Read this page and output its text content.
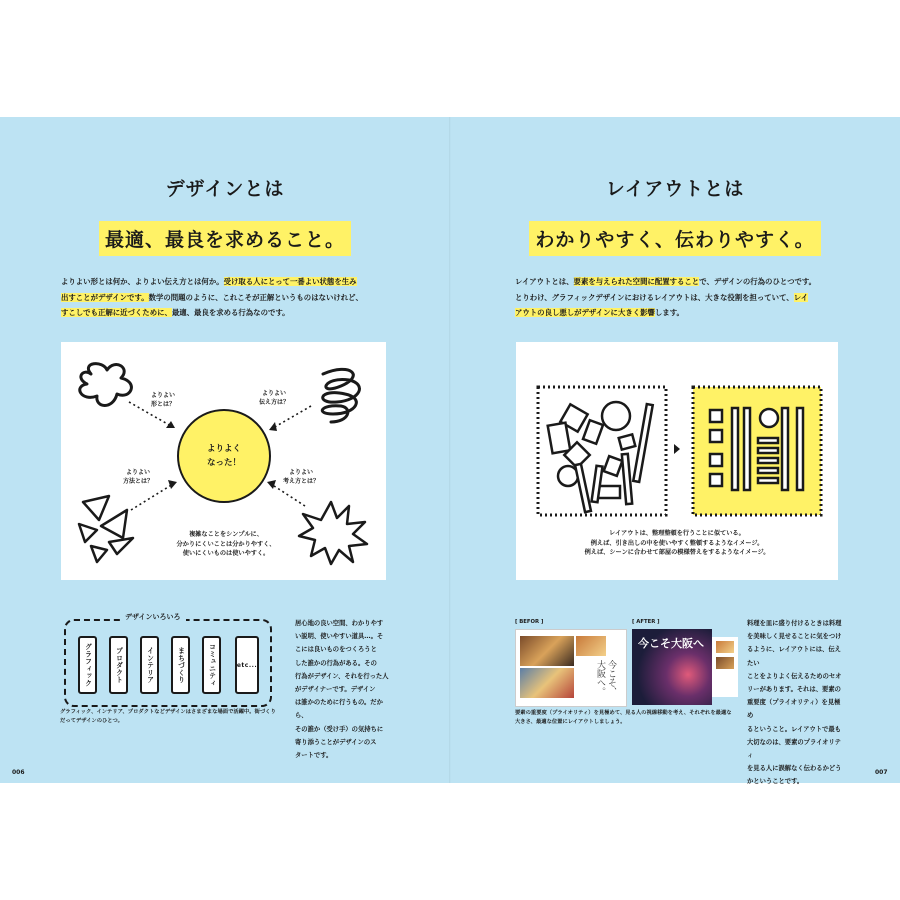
デザインとは
最適、最良を求めること。
よりよい形とは何か、よりよい伝え方とは何か。受け取る人にとって一番よい状態を生み
出すことがデザインです。数学の問題のように、これこそが正解というものはないけれど、
すこしでも正解に近づくために、最適、最良を求める行為なのです。
よりよく
なった！
よりよい
形とは？
よりよい
伝え方は？
よりよい
方法とは？
よりよい
考え方とは？
複雑なことをシンプルに、
分かりにくいことは分かりやすく、
使いにくいものは使いやすく。
デザインいろいろ
グラフィック	プロダクト	インテリア	まちづくり	コミュニティ	etc...
グラフィック、インテリア、プロダクトなどデザインはさまざまな場面で活躍中。街づくり
だってデザインのひとつ。
居心地の良い空間、わかりやす
い説明、使いやすい道具…。そ
こには良いものをつくろうと
した誰かの行為がある。その
行為がデザイン、それを行った人
がデザイナーです。デザイン
は誰かのために行うもの。だから、
その誰か（受け手）の気持ちに
寄り添うことがデザインのス
タートです。
006
レイアウトとは
わかりやすく、伝わりやすく。
レイアウトとは、要素を与えられた空間に配置することで、デザインの行為のひとつです。
とりわけ、グラフィックデザインにおけるレイアウトは、大きな役割を担っていて、レイ
アウトの良し悪しがデザインに大きく影響します。
レイアウトは、整理整頓を行うことに似ている。
例えば、引き出しの中を使いやすく整頓するようなイメージ。
例えば、シーンに合わせて部屋の模様替えをするようなイメージ。
[ BEFOR ]	[ AFTER ]
今こそ、大阪へ。
今こそ大阪へ
要素の重要度（プライオリティ）を見極めて、見る人の視線移動を考え、それぞれを最適な
大きさ、最適な位置にレイアウトしましょう。
料理を皿に盛り付けるときは料理
を美味しく見せることに気をつけ
るように、レイアウトには、伝えたい
ことをよりよく伝えるためのセオ
リーがあります。それは、要素の
重要度（プライオリティ）を見極め
るということ。レイアウトで最も
大切なのは、要素のプライオリティ
を見る人に誤解なく伝わるかどう
かということです。
007
